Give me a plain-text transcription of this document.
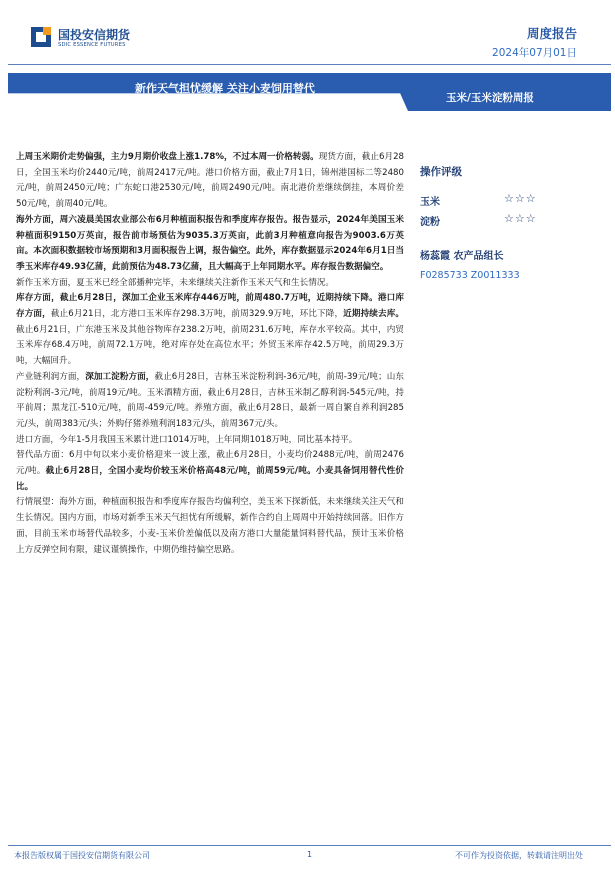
国投安信期货
SDIC ESSENCE FUTURES
周度报告
2024年07月01日
新作天气担忧缓解 关注小麦饲用替代
玉米/玉米淀粉周报

上周玉米期价走势偏强，主力9月期价收盘上涨1.78%，不过本周一价格转弱。现货方面，截止6月28日，全国玉米均价2440元/吨，前周2417元/吨。港口价格方面，截止7月1日，锦州港国标二等2480元/吨，前周2450元/吨；广东蛇口港2530元/吨，前周2490元/吨。南北港价差继续倒挂，本周价差50元/吨，前周40元/吨。

海外方面，周六凌晨美国农业部公布6月种植面积报告和季度库存报告。报告显示，2024年美国玉米种植面积9150万英亩，报告前市场预估为9035.3万英亩，此前3月种植意向报告为9003.6万英亩。本次面积数据较市场预期和3月面积报告上调，报告偏空。此外，库存数据显示2024年6月1日当季玉米库存49.93亿蒲，此前预估为48.73亿蒲，且大幅高于上年同期水平。库存报告数据偏空。

新作玉米方面，夏玉米已经全部播种完毕，未来继续关注新作玉米天气和生长情况。

库存方面，截止6月28日，深加工企业玉米库存446万吨，前周480.7万吨，近期持续下降。港口库存方面，截止6月21日，北方港口玉米库存298.3万吨，前周329.9万吨，环比下降，近期持续去库。截止6月21日，广东港玉米及其他谷物库存238.2万吨，前周231.6万吨，库存水平较高。其中，内贸玉米库存68.4万吨，前周72.1万吨，绝对库存处在高位水平；外贸玉米库存42.5万吨，前周29.3万吨，大幅回升。

产业链利润方面，深加工淀粉方面，截止6月28日，吉林玉米淀粉利润-36元/吨，前周-39元/吨；山东淀粉利润-3元/吨，前周19元/吨。玉米酒精方面，截止6月28日，吉林玉米制乙醇利润-545元/吨，持平前周；黑龙江-510元/吨，前周-459元/吨。养殖方面，截止6月28日，最新一周自繁自养利润285元/头，前周383元/头；外购仔猪养殖利润183元/头，前周367元/头。

进口方面，今年1-5月我国玉米累计进口1014万吨，上年同期1018万吨，同比基本持平。

替代品方面：6月中旬以来小麦价格迎来一波上涨，截止6月28日，小麦均价2488元/吨，前周2476元/吨。截止6月28日，全国小麦均价较玉米价格高48元/吨，前周59元/吨。小麦具备饲用替代性价比。

行情展望：海外方面，种植面积报告和季度库存报告均偏利空，美玉米下探新低，未来继续关注天气和生长情况。国内方面，市场对新季玉米天气担忧有所缓解，新作合约自上周周中开始持续回落。旧作方面，目前玉米市场替代品较多，小麦-玉米价差偏低以及南方港口大量能量饲料替代品，预计玉米价格上方反弹空间有限，建议谨慎操作，中期仍维持偏空思路。

操作评级
玉米	☆☆☆
淀粉	☆☆☆
杨蕊霞 农产品组长
F0285733 Z0011333
本报告版权属于国投安信期货有限公司	1	不可作为投资依据，转载请注明出处
